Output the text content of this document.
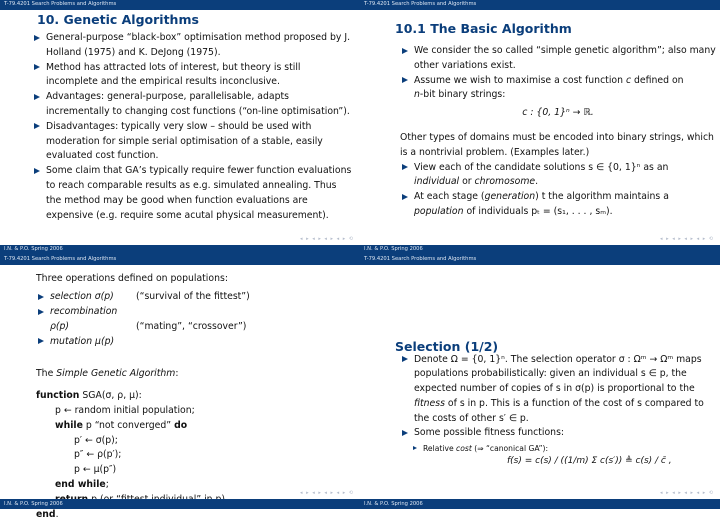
T-79.4201 Search Problems and Algorithms
10. Genetic Algorithms
General-purpose “black-box” optimisation method proposed by J. Holland (1975) and K. DeJong (1975).
Method has attracted lots of interest, but theory is still incomplete and the empirical results inconclusive.
Advantages: general-purpose, parallelisable, adapts incrementally to changing cost functions (“on-line optimisation”).
Disadvantages: typically very slow – should be used with moderation for simple serial optimisation of a stable, easily evaluated cost function.
Some claim that GA’s typically require fewer function evaluations to reach comparable results as e.g. simulated annealing. Thus the method may be good when function evaluations are expensive (e.g. require some acutal physical measurement).
◂ ▸ ◂ ▸ ◂ ▸ ◂ ▸ ⟲
I.N. & P.O. Spring 2006
T-79.4201 Search Problems and Algorithms
10.1 The Basic Algorithm
We consider the so called “simple genetic algorithm”; also many other variations exist.
Assume we wish to maximise a cost function c defined on
n-bit binary strings:
c : {0, 1}ⁿ → ℝ.
Other types of domains must be encoded into binary strings, which is a nontrivial problem. (Examples later.)
View each of the candidate solutions s ∈ {0, 1}ⁿ as an individual or chromosome.
At each stage (generation) t the algorithm maintains a population of individuals pₜ = (s₁, . . . , sₘ).
◂ ▸ ◂ ▸ ◂ ▸ ◂ ▸ ⟲
I.N. & P.O. Spring 2006
T-79.4201 Search Problems and Algorithms
Three operations defined on populations:
selection σ(p) (“survival of the fittest”)
recombination ρ(p)	(“mating”, “crossover”)
mutation μ(p)
The Simple Genetic Algorithm:
function SGA(σ, ρ, μ):
p ← random initial population;
while p “not converged” do
p′ ← σ(p);
p″ ← ρ(p′);
p ← μ(p″)
end while;
end.
◂ ▸ ◂ ▸ ◂ ▸ ◂ ▸ ⟲
I.N. & P.O. Spring 2006
T-79.4201 Search Problems and Algorithms
Selection (1/2)
Denote Ω = {0, 1}ⁿ. The selection operator σ : Ωᵐ → Ωᵐ maps populations probabilistically: given an individual s ∈ p, the expected number of copies of s in σ(p) is proportional to the fitness of s in p. This is a function of the cost of s compared to the costs of other s′ ∈ p.
Some possible fitness functions:
Relative cost (⇒ “canonical GA”):
◂ ▸ ◂ ▸ ◂ ▸ ◂ ▸ ⟲
I.N. & P.O. Spring 2006
f(s) = c(s) / ((1/m) Σ c(s′)) ≜ c(s) / c̄ ,
